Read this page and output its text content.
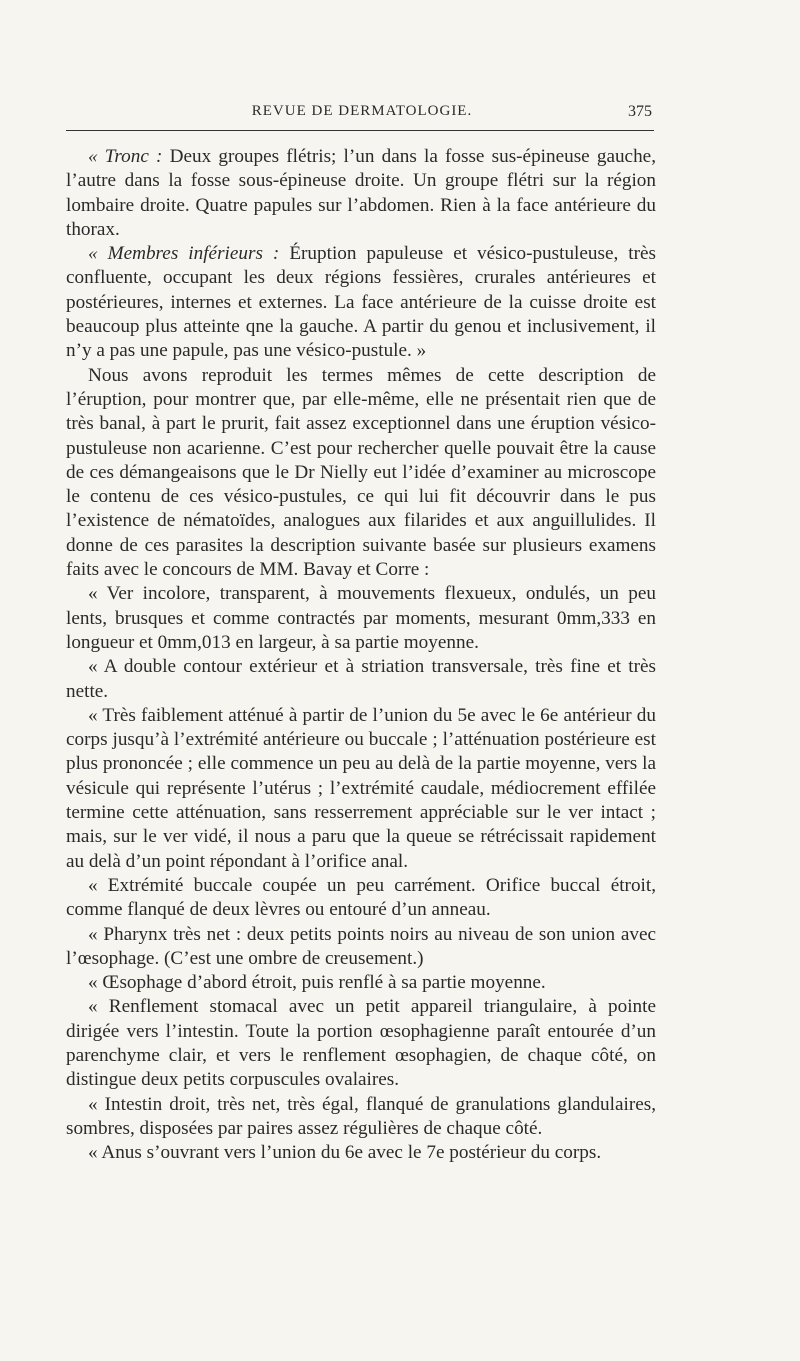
REVUE DE DERMATOLOGIE.	375

« Tronc : Deux groupes flétris; l’un dans la fosse sus-épineuse gauche, l’autre dans la fosse sous-épineuse droite. Un groupe flétri sur la région lombaire droite. Quatre papules sur l’abdomen. Rien à la face antérieure du thorax.

« Membres inférieurs : Éruption papuleuse et vésico-pustuleuse, très confluente, occupant les deux régions fessières, crurales antérieures et postérieures, internes et externes. La face antérieure de la cuisse droite est beaucoup plus atteinte qne la gauche. A partir du genou et inclusivement, il n’y a pas une papule, pas une vésico-pustule. »

Nous avons reproduit les termes mêmes de cette description de l’éruption, pour montrer que, par elle-même, elle ne présentait rien que de très banal, à part le prurit, fait assez exceptionnel dans une éruption vésico-pustuleuse non acarienne. C’est pour rechercher quelle pouvait être la cause de ces démangeaisons que le Dr Nielly eut l’idée d’examiner au microscope le contenu de ces vésico-pustules, ce qui lui fit découvrir dans le pus l’existence de nématoïdes, analogues aux filarides et aux anguillulides. Il donne de ces parasites la description suivante basée sur plusieurs examens faits avec le concours de MM. Bavay et Corre :

« Ver incolore, transparent, à mouvements flexueux, ondulés, un peu lents, brusques et comme contractés par moments, mesurant 0mm,333 en longueur et 0mm,013 en largeur, à sa partie moyenne.

« A double contour extérieur et à striation transversale, très fine et très nette.

« Très faiblement atténué à partir de l’union du 5e avec le 6e antérieur du corps jusqu’à l’extrémité antérieure ou buccale ; l’atténuation postérieure est plus prononcée ; elle commence un peu au delà de la partie moyenne, vers la vésicule qui représente l’utérus ; l’extrémité caudale, médiocrement effilée termine cette atténuation, sans resserrement appréciable sur le ver intact ; mais, sur le ver vidé, il nous a paru que la queue se rétrécissait rapidement au delà d’un point répondant à l’orifice anal.

« Extrémité buccale coupée un peu carrément. Orifice buccal étroit, comme flanqué de deux lèvres ou entouré d’un anneau.

« Pharynx très net : deux petits points noirs au niveau de son union avec l’œsophage. (C’est une ombre de creusement.)

« Œsophage d’abord étroit, puis renflé à sa partie moyenne.

« Renflement stomacal avec un petit appareil triangulaire, à pointe dirigée vers l’intestin. Toute la portion œsophagienne paraît entourée d’un parenchyme clair, et vers le renflement œsophagien, de chaque côté, on distingue deux petits corpuscules ovalaires.

« Intestin droit, très net, très égal, flanqué de granulations glandulaires, sombres, disposées par paires assez régulières de chaque côté.

« Anus s’ouvrant vers l’union du 6e avec le 7e postérieur du corps.
